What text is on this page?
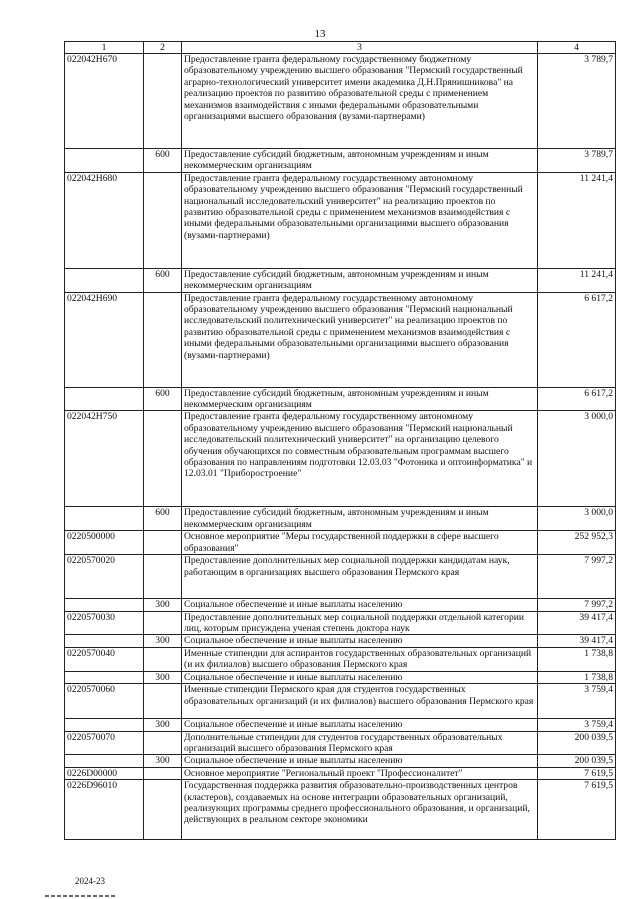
13
1	2	3	4
022042Н670		Предоставление гранта федеральному государственному бюджетному образовательному учреждению высшего образования "Пермский государственный аграрно-технологический университет имени академика Д.Н.Прянишникова" на реализацию проектов по развитию образовательной среды с применением механизмов взаимодействия с иными федеральными образовательными организациями высшего образования (вузами-партнерами)	3 789,7
	600	Предоставление субсидий бюджетным, автономным учреждениям и иным некоммерческим организациям	3 789,7
022042Н680		Предоставление гранта федеральному государственному автономному образовательному учреждению высшего образования "Пермский государственный национальный исследовательский университет" на реализацию проектов по развитию образовательной среды с применением механизмов взаимодействия с иными федеральными образовательными организациями высшего образования (вузами-партнерами)	11 241,4
	600	Предоставление субсидий бюджетным, автономным учреждениям и иным некоммерческим организациям	11 241,4
022042Н690		Предоставление гранта федеральному государственному автономному образовательному учреждению высшего образования "Пермский национальный исследовательский политехнический университет" на реализацию проектов по развитию образовательной среды с применением механизмов взаимодействия с иными федеральными образовательными организациями высшего образования (вузами-партнерами)	6 617,2
	600	Предоставление субсидий бюджетным, автономным учреждениям и иным некоммерческим организациям	6 617,2
022042Н750		Предоставление гранта федеральному государственному автономному образовательному учреждению высшего образования "Пермский национальный исследовательский политехнический университет" на организацию целевого обучения обучающихся по совместным образовательным программам высшего образования по направлениям подготовки 12.03.03 "Фотоника и оптоинформатика" и 12.03.01 "Приборостроение"	3 000,0
	600	Предоставление субсидий бюджетным, автономным учреждениям и иным некоммерческим организациям	3 000,0
0220500000		Основное мероприятие "Меры государственной поддержки в сфере высшего образования"	252 952,3
0220570020		Предоставление дополнительных мер социальной поддержки кандидатам наук, работающим в организациях высшего образования Пермского края	7 997,2
	300	Социальное обеспечение и иные выплаты населению	7 997,2
0220570030		Предоставление дополнительных мер социальной поддержки отдельной категории лиц, которым присуждена ученая степень доктора наук	39 417,4
	300	Социальное обеспечение и иные выплаты населению	39 417,4
0220570040		Именные стипендии для аспирантов государственных образовательных организаций (и их филиалов) высшего образования Пермского края	1 738,8
	300	Социальное обеспечение и иные выплаты населению	1 738,8
0220570060		Именные стипендии Пермского края для студентов государственных образовательных организаций (и их филиалов) высшего образования Пермского края	3 759,4
	300	Социальное обеспечение и иные выплаты населению	3 759,4
0220570070		Дополнительные стипендии для студентов государственных образовательных организаций высшего образования Пермского края	200 039,5
	300	Социальное обеспечение и иные выплаты населению	200 039,5
0226D00000		Основное мероприятие "Региональный проект "Профессионалитет"	7 619,5
0226D96010		Государственная поддержка развития образовательно-производственных центров (кластеров), создаваемых на основе интеграции образовательных организаций, реализующих программы среднего профессионального образования, и организаций, действующих в реальном секторе экономики	7 619,5
2024-23
